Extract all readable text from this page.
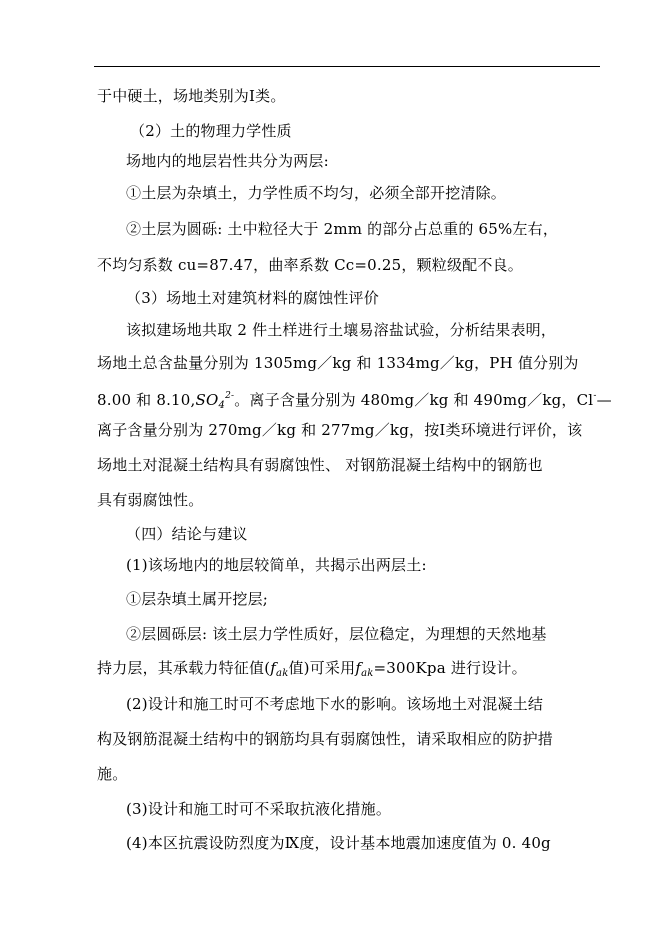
于中硬土，场地类别为Ⅰ类。
（2）土的物理力学性质
场地内的地层岩性共分为两层:
①土层为杂填土，力学性质不均匀，必须全部开挖清除。
②土层为圆砾: 土中粒径大于 2mm 的部分占总重的 65%左右，
不均匀系数 cu=87.47，曲率系数 Cc=0.25，颗粒级配不良。
（3）场地土对建筑材料的腐蚀性评价
该拟建场地共取 2 件土样进行土壤易溶盐试验，分析结果表明，
场地土总含盐量分别为 1305mg／kg 和 1334mg／kg，PH 值分别为
8.00 和 $8.10,SO_4^{2-}$。离子含量分别为 480mg／kg 和 490mg／kg，Cl-—
离子含量分别为 270mg／kg 和 277mg／kg，按Ⅰ类环境进行评价，该
场地土对混凝土结构具有弱腐蚀性、 对钢筋混凝土结构中的钢筋也
具有弱腐蚀性。
（四）结论与建议
(1)该场地内的地层较简单，共揭示出两层土:
①层杂填土属开挖层;
②层圆砾层: 该土层力学性质好，层位稳定，为理想的天然地基
持力层，其承载力特征值($f_{ak}$值)可采用$f_{ak}=300Kpa$ 进行设计。
(2)设计和施工时可不考虑地下水的影响。该场地土对混凝土结
构及钢筋混凝土结构中的钢筋均具有弱腐蚀性，请采取相应的防护措
施。
(3)设计和施工时可不采取抗液化措施。
(4)本区抗震设防烈度为Ⅸ度，设计基本地震加速度值为 0. 40g
